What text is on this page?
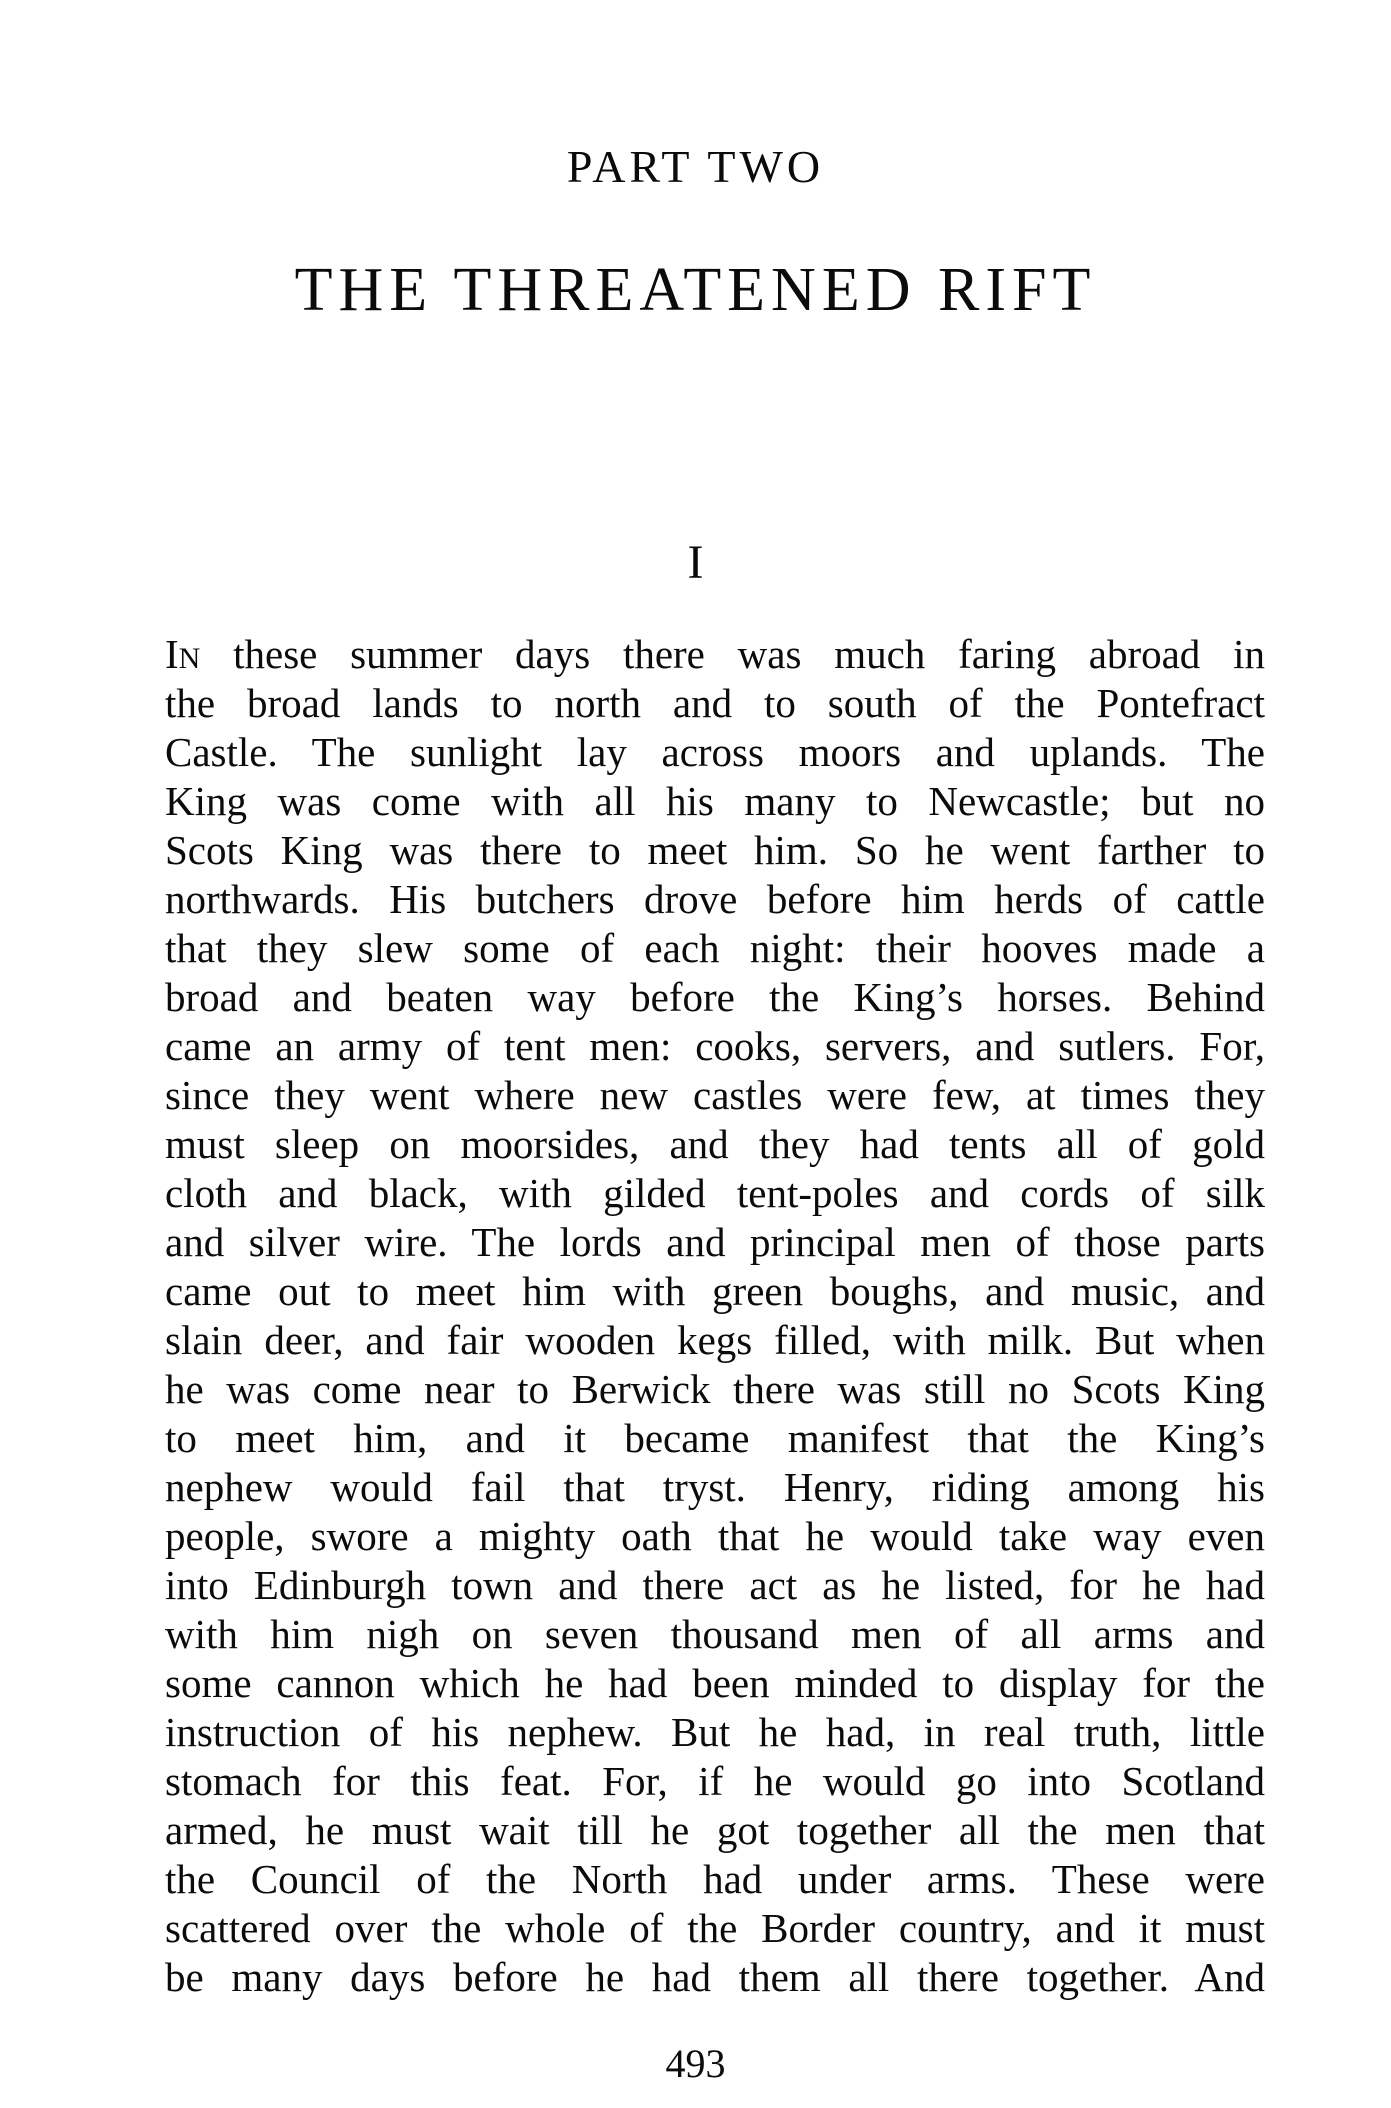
PART TWO
THE THREATENED RIFT
I
IN these summer days there was much faring abroad in
the broad lands to north and to south of the Pontefract
Castle. The sunlight lay across moors and uplands. The
King was come with all his many to Newcastle; but no
Scots King was there to meet him. So he went farther to
northwards. His butchers drove before him herds of cattle
that they slew some of each night: their hooves made a
broad and beaten way before the King’s horses. Behind
came an army of tent men: cooks, servers, and sutlers. For,
since they went where new castles were few, at times they
must sleep on moorsides, and they had tents all of gold
cloth and black, with gilded tent-poles and cords of silk
and silver wire. The lords and principal men of those parts
came out to meet him with green boughs, and music, and
slain deer, and fair wooden kegs filled, with milk. But when
he was come near to Berwick there was still no Scots King
to meet him, and it became manifest that the King’s
nephew would fail that tryst. Henry, riding among his
people, swore a mighty oath that he would take way even
into Edinburgh town and there act as he listed, for he had
with him nigh on seven thousand men of all arms and
some cannon which he had been minded to display for the
instruction of his nephew. But he had, in real truth, little
stomach for this feat. For, if he would go into Scotland
armed, he must wait till he got together all the men that
the Council of the North had under arms. These were
scattered over the whole of the Border country, and it must
be many days before he had them all there together. And
493
